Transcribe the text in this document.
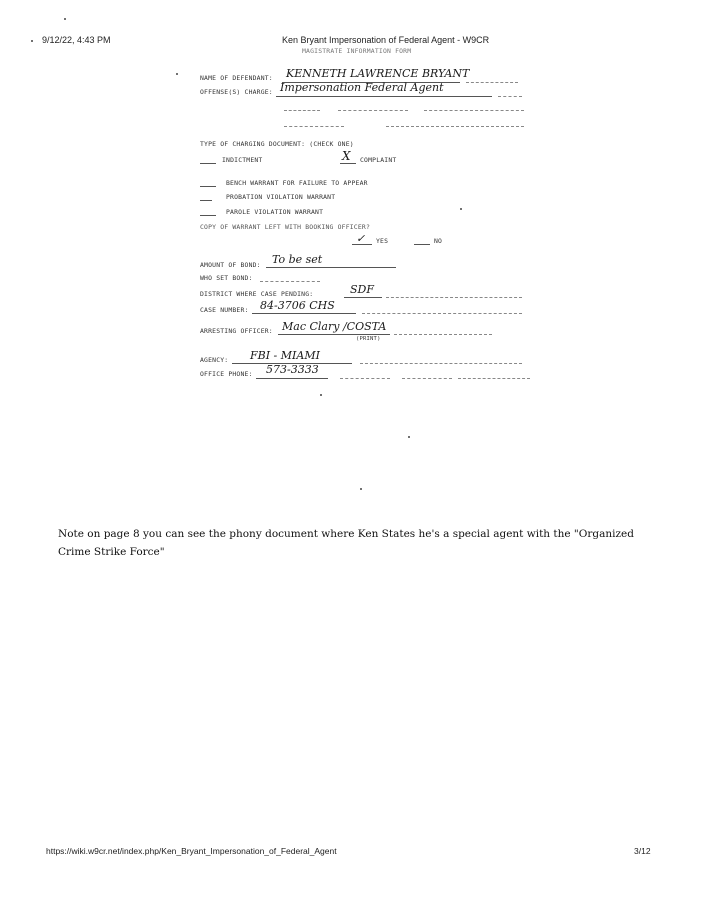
9/12/22, 4:43 PM	Ken Bryant Impersonation of Federal Agent - W9CR
MAGISTRATE INFORMATION FORM
NAME OF DEFENDANT: KENNETH LAWRENCE BRYANT
OFFENSE(S) CHARGE: Impersonation Federal Agent
TYPE OF CHARGING DOCUMENT: (CHECK ONE)
INDICTMENT	X COMPLAINT
BENCH WARRANT FOR FAILURE TO APPEAR
PROBATION VIOLATION WARRANT
PAROLE VIOLATION WARRANT
COPY OF WARRANT LEFT WITH BOOKING OFFICER?
✓ YES	NO
AMOUNT OF BOND: To be set
WHO SET BOND:
DISTRICT WHERE CASE PENDING:	SDF
CASE NUMBER: 84-3706 CHS
ARRESTING OFFICER: Mac Clary /COSTA
(PRINT)
AGENCY: FBI - MIAMI
OFFICE PHONE: 573-3333
Note on page 8 you can see the phony document where Ken States he's a special agent with the "Organized Crime Strike Force"
https://wiki.w9cr.net/index.php/Ken_Bryant_Impersonation_of_Federal_Agent	3/12
